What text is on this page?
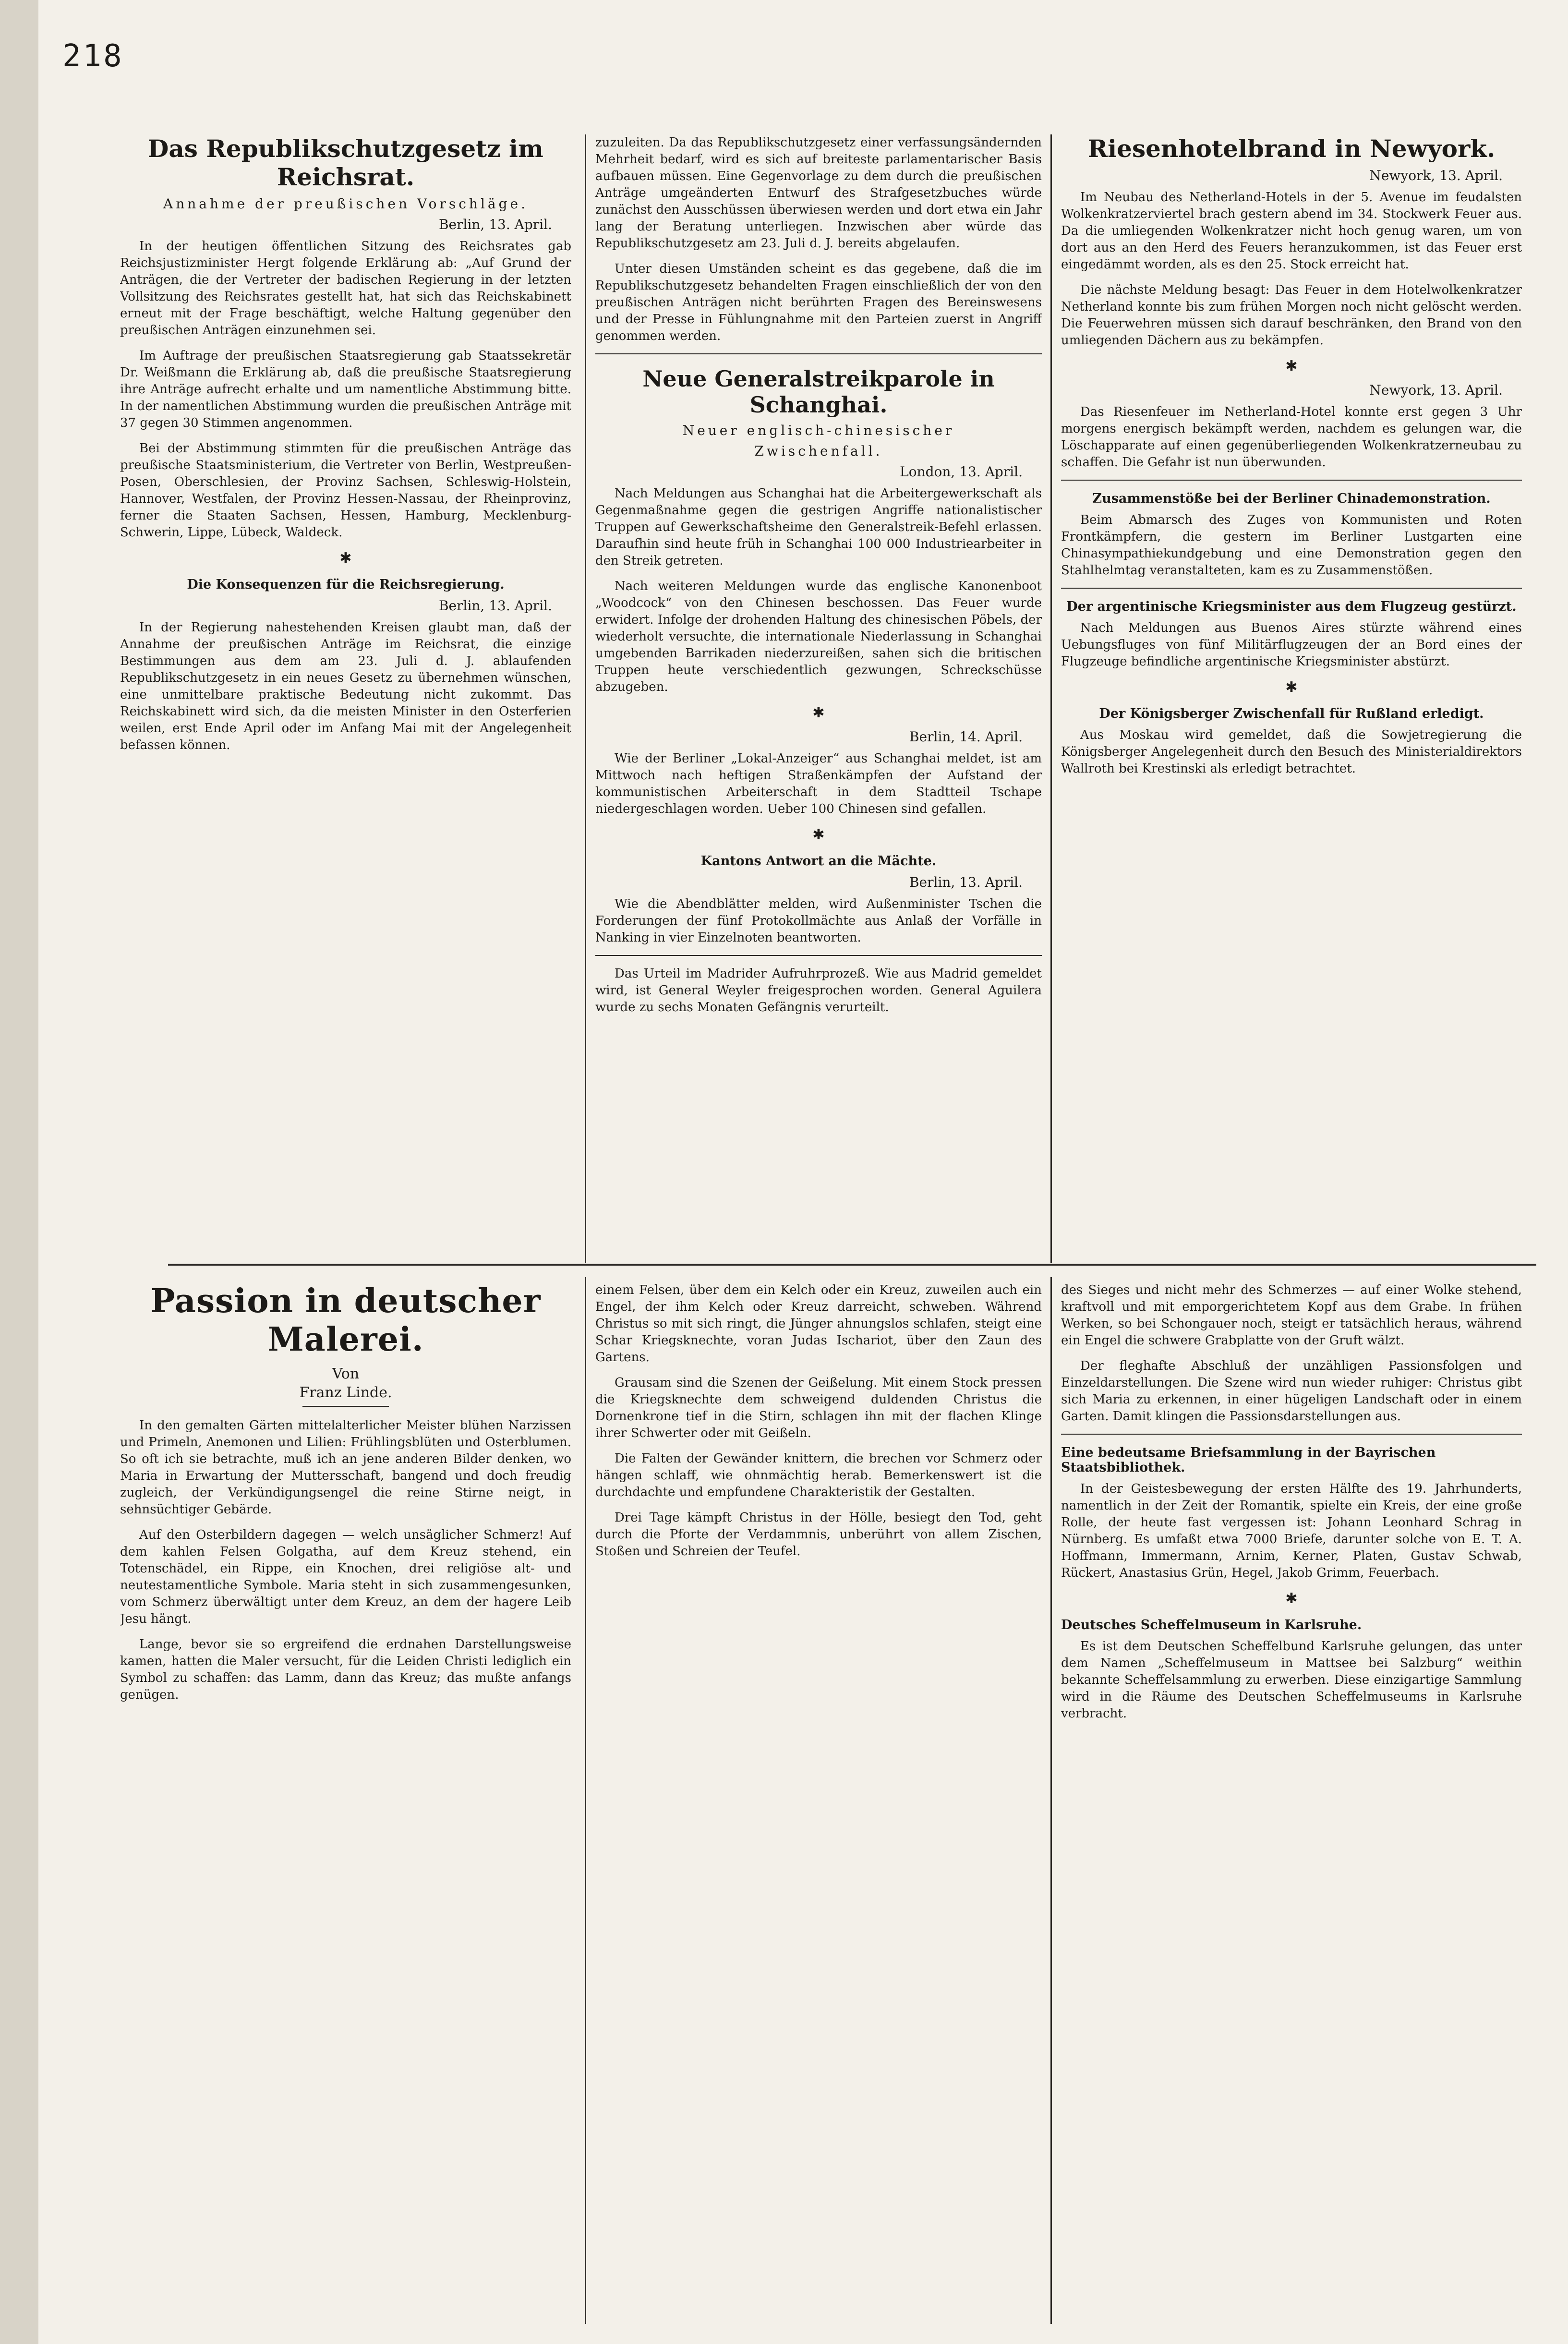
218
Das Republikschutzgesetz im Reichsrat.
Annahme der preußischen Vorschläge.
Berlin, 13. April.

In der heutigen öffentlichen Sitzung des Reichsrates gab Reichsjustizminister Hergt folgende Erklärung ab: „Auf Grund der Anträgen, die der Vertreter der badischen Regierung in der letzten Vollsitzung des Reichsrates gestellt hat, hat sich das Reichskabinett erneut mit der Frage beschäftigt, welche Haltung gegenüber den preußischen Anträgen einzunehmen sei.

Im Auftrage der preußischen Staatsregierung gab Staatssekretär Dr. Weißmann die Erklärung ab, daß die preußische Staatsregierung ihre Anträge aufrecht erhalte und um namentliche Abstimmung bitte. In der namentlichen Abstimmung wurden die preußischen Anträge mit 37 gegen 30 Stimmen angenommen.

Bei der Abstimmung stimmten für die preußischen Anträge das preußische Staatsministerium, die Vertreter von Berlin, Westpreußen-Posen, Oberschlesien, der Provinz Sachsen, Schleswig-Holstein, Hannover, Westfalen, der Provinz Hessen-Nassau, der Rheinprovinz, ferner die Staaten Sachsen, Hessen, Hamburg, Mecklenburg-Schwerin, Lippe, Lübeck, Waldeck.

✱
Die Konsequenzen für die Reichsregierung.
Berlin, 13. April.

In der Regierung nahestehenden Kreisen glaubt man, daß der Annahme der preußischen Anträge im Reichsrat, die einzige Bestimmungen aus dem am 23. Juli d. J. ablaufenden Republikschutzgesetz in ein neues Gesetz zu übernehmen wünschen, eine unmittelbare praktische Bedeutung nicht zukommt. Das Reichskabinett wird sich, da die meisten Minister in den Osterferien weilen, erst Ende April oder im Anfang Mai mit der Angelegenheit befassen können.

zuzuleiten. Da das Republikschutzgesetz einer verfassungsändernden Mehrheit bedarf, wird es sich auf breiteste parlamentarischer Basis aufbauen müssen. Eine Gegenvorlage zu dem durch die preußischen Anträge umgeänderten Entwurf des Strafgesetzbuches würde zunächst den Ausschüssen überwiesen werden und dort etwa ein Jahr lang der Beratung unterliegen. Inzwischen aber würde das Republikschutzgesetz am 23. Juli d. J. bereits abgelaufen.

Unter diesen Umständen scheint es das gegebene, daß die im Republikschutzgesetz behandelten Fragen einschließlich der von den preußischen Anträgen nicht berührten Fragen des Bereinswesens und der Presse in Fühlungnahme mit den Parteien zuerst in Angriff genommen werden.

Neue Generalstreikparole in Schanghai.
Neuer englisch-chinesischer
Zwischenfall.
London, 13. April.

Nach Meldungen aus Schanghai hat die Arbeitergewerkschaft als Gegenmaßnahme gegen die gestrigen Angriffe nationalistischer Truppen auf Gewerkschaftsheime den Generalstreik-Befehl erlassen. Daraufhin sind heute früh in Schanghai 100 000 Industriearbeiter in den Streik getreten.

Nach weiteren Meldungen wurde das englische Kanonenboot „Woodcock“ von den Chinesen beschossen. Das Feuer wurde erwidert. Infolge der drohenden Haltung des chinesischen Pöbels, der wiederholt versuchte, die internationale Niederlassung in Schanghai umgebenden Barrikaden niederzureißen, sahen sich die britischen Truppen heute verschiedentlich gezwungen, Schreckschüsse abzugeben.

✱
Berlin, 14. April.

Wie der Berliner „Lokal-Anzeiger“ aus Schanghai meldet, ist am Mittwoch nach heftigen Straßenkämpfen der Aufstand der kommunistischen Arbeiterschaft in dem Stadtteil Tschape niedergeschlagen worden. Ueber 100 Chinesen sind gefallen.

✱
Kantons Antwort an die Mächte.
Berlin, 13. April.

Wie die Abendblätter melden, wird Außenminister Tschen die Forderungen der fünf Protokollmächte aus Anlaß der Vorfälle in Nanking in vier Einzelnoten beantworten.

Das Urteil im Madrider Aufruhrprozeß. Wie aus Madrid gemeldet wird, ist General Weyler freigesprochen worden. General Aguilera wurde zu sechs Monaten Gefängnis verurteilt.

Riesenhotelbrand in Newyork.
Newyork, 13. April.

Im Neubau des Netherland-Hotels in der 5. Avenue im feudalsten Wolkenkratzerviertel brach gestern abend im 34. Stockwerk Feuer aus. Da die umliegenden Wolkenkratzer nicht hoch genug waren, um von dort aus an den Herd des Feuers heranzukommen, ist das Feuer erst eingedämmt worden, als es den 25. Stock erreicht hat.

Die nächste Meldung besagt: Das Feuer in dem Hotelwolkenkratzer Netherland konnte bis zum frühen Morgen noch nicht gelöscht werden. Die Feuerwehren müssen sich darauf beschränken, den Brand von den umliegenden Dächern aus zu bekämpfen.

✱
Newyork, 13. April.

Das Riesenfeuer im Netherland-Hotel konnte erst gegen 3 Uhr morgens energisch bekämpft werden, nachdem es gelungen war, die Löschapparate auf einen gegenüberliegenden Wolkenkratzerneubau zu schaffen. Die Gefahr ist nun überwunden.

Zusammenstöße bei der Berliner Chinademonstration.

Beim Abmarsch des Zuges von Kommunisten und Roten Frontkämpfern, die gestern im Berliner Lustgarten eine Chinasympathiekundgebung und eine Demonstration gegen den Stahlhelmtag veranstalteten, kam es zu Zusammenstößen.

Der argentinische Kriegsminister aus dem Flugzeug gestürzt.

Nach Meldungen aus Buenos Aires stürzte während eines Uebungsfluges von fünf Militärflugzeugen der an Bord eines der Flugzeuge befindliche argentinische Kriegsminister abstürzt.

✱
Der Königsberger Zwischenfall für Rußland erledigt.

Aus Moskau wird gemeldet, daß die Sowjetregierung die Königsberger Angelegenheit durch den Besuch des Ministerialdirektors Wallroth bei Krestinski als erledigt betrachtet.

Passion in deutscher Malerei.
Von
Franz Linde.

In den gemalten Gärten mittelalterlicher Meister blühen Narzissen und Primeln, Anemonen und Lilien: Frühlingsblüten und Osterblumen. So oft ich sie betrachte, muß ich an jene anderen Bilder denken, wo Maria in Erwartung der Muttersschaft, bangend und doch freudig zugleich, der Verkündigungsengel die reine Stirne neigt, in sehnsüchtiger Gebärde.

Auf den Osterbildern dagegen — welch unsäglicher Schmerz! Auf dem kahlen Felsen Golgatha, auf dem Kreuz stehend, ein Totenschädel, ein Rippe, ein Knochen, drei religiöse alt- und neutestamentliche Symbole. Maria steht in sich zusammengesunken, vom Schmerz überwältigt unter dem Kreuz, an dem der hagere Leib Jesu hängt.

Lange, bevor sie so ergreifend die erdnahen Darstellungsweise kamen, hatten die Maler versucht, für die Leiden Christi lediglich ein Symbol zu schaffen: das Lamm, dann das Kreuz; das mußte anfangs genügen.

einem Felsen, über dem ein Kelch oder ein Kreuz, zuweilen auch ein Engel, der ihm Kelch oder Kreuz darreicht, schweben. Während Christus so mit sich ringt, die Jünger ahnungslos schlafen, steigt eine Schar Kriegsknechte, voran Judas Ischariot, über den Zaun des Gartens.

Grausam sind die Szenen der Geißelung. Mit einem Stock pressen die Kriegsknechte dem schweigend duldenden Christus die Dornenkrone tief in die Stirn, schlagen ihn mit der flachen Klinge ihrer Schwerter oder mit Geißeln.

Die Falten der Gewänder knittern, die brechen vor Schmerz oder hängen schlaff, wie ohnmächtig herab. Bemerkenswert ist die durchdachte und empfundene Charakteristik der Gestalten.

Drei Tage kämpft Christus in der Hölle, besiegt den Tod, geht durch die Pforte der Verdammnis, unberührt von allem Zischen, Stoßen und Schreien der Teufel.

des Sieges und nicht mehr des Schmerzes — auf einer Wolke stehend, kraftvoll und mit emporgerichtetem Kopf aus dem Grabe. In frühen Werken, so bei Schongauer noch, steigt er tatsächlich heraus, während ein Engel die schwere Grabplatte von der Gruft wälzt.

Der fleghafte Abschluß der unzähligen Passionsfolgen und Einzeldarstellungen. Die Szene wird nun wieder ruhiger: Christus gibt sich Maria zu erkennen, in einer hügeligen Landschaft oder in einem Garten. Damit klingen die Passionsdarstellungen aus.

Eine bedeutsame Briefsammlung in der Bayrischen Staatsbibliothek.

In der Geistesbewegung der ersten Hälfte des 19. Jahrhunderts, namentlich in der Zeit der Romantik, spielte ein Kreis, der eine große Rolle, der heute fast vergessen ist: Johann Leonhard Schrag in Nürnberg. Es umfaßt etwa 7000 Briefe, darunter solche von E. T. A. Hoffmann, Immermann, Arnim, Kerner, Platen, Gustav Schwab, Rückert, Anastasius Grün, Hegel, Jakob Grimm, Feuerbach.

✱
Deutsches Scheffelmuseum in Karlsruhe.

Es ist dem Deutschen Scheffelbund Karlsruhe gelungen, das unter dem Namen „Scheffelmuseum in Mattsee bei Salzburg“ weithin bekannte Scheffelsammlung zu erwerben. Diese einzigartige Sammlung wird in die Räume des Deutschen Scheffelmuseums in Karlsruhe verbracht.
